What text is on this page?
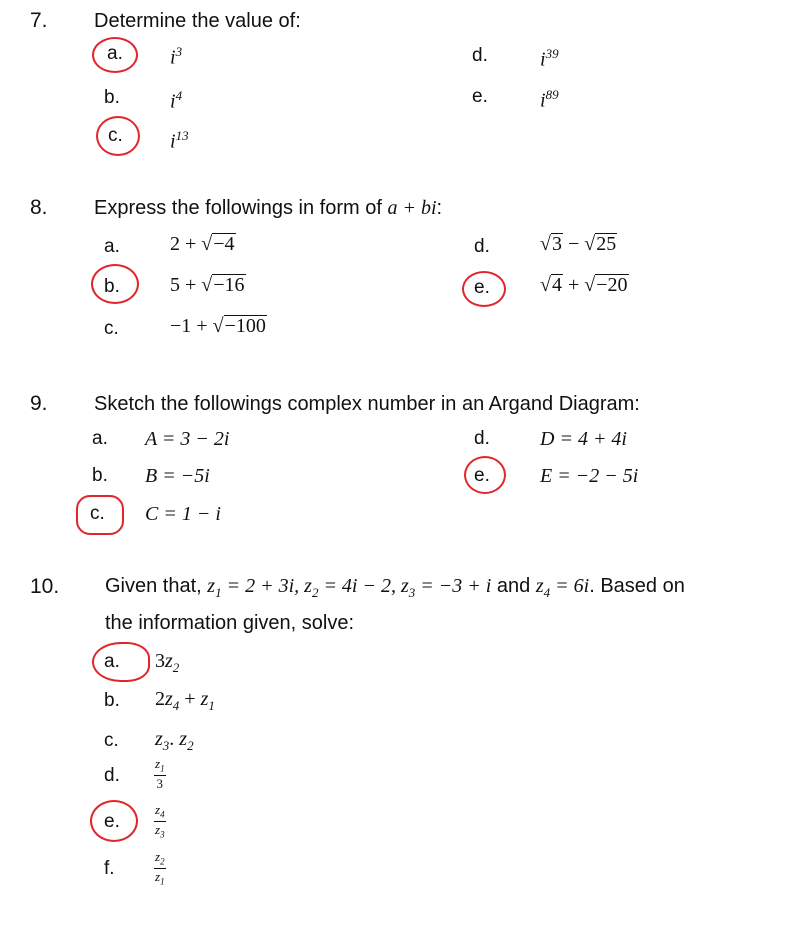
7. Determine the value of:
a. $i^3$
b.	$i^4$
c. $i^{13}$
d.	$i^{39}$
e.	$i^{89}$
8. Express the followings in form of a + bi:
a.	2 + √−4
b.	5 + √−16
c.	−1 + √−100
d.	√3 − √25
e.	√4 + √−20
9. Sketch the followings complex number in an Argand Diagram:
a. A = 3 − 2i
b. B = −5i
c. C = 1 − i
d.	D = 4 + 4i
e.	E = −2 − 5i
10. Given that, $z_1 = 2 + 3i$, $z_2 = 4i - 2$, $z_3 = -3 + i$ and $z_4 = 6i$. Based on
the information given, solve:
a. $3z_2$
b. $2z_4 + z_1$
c. $z_3$. $z_2$
d.	$\frac{z_1}{3}$
e.	$\frac{z_4}{z_3}$
f.	$\frac{z_2}{z_1}$
